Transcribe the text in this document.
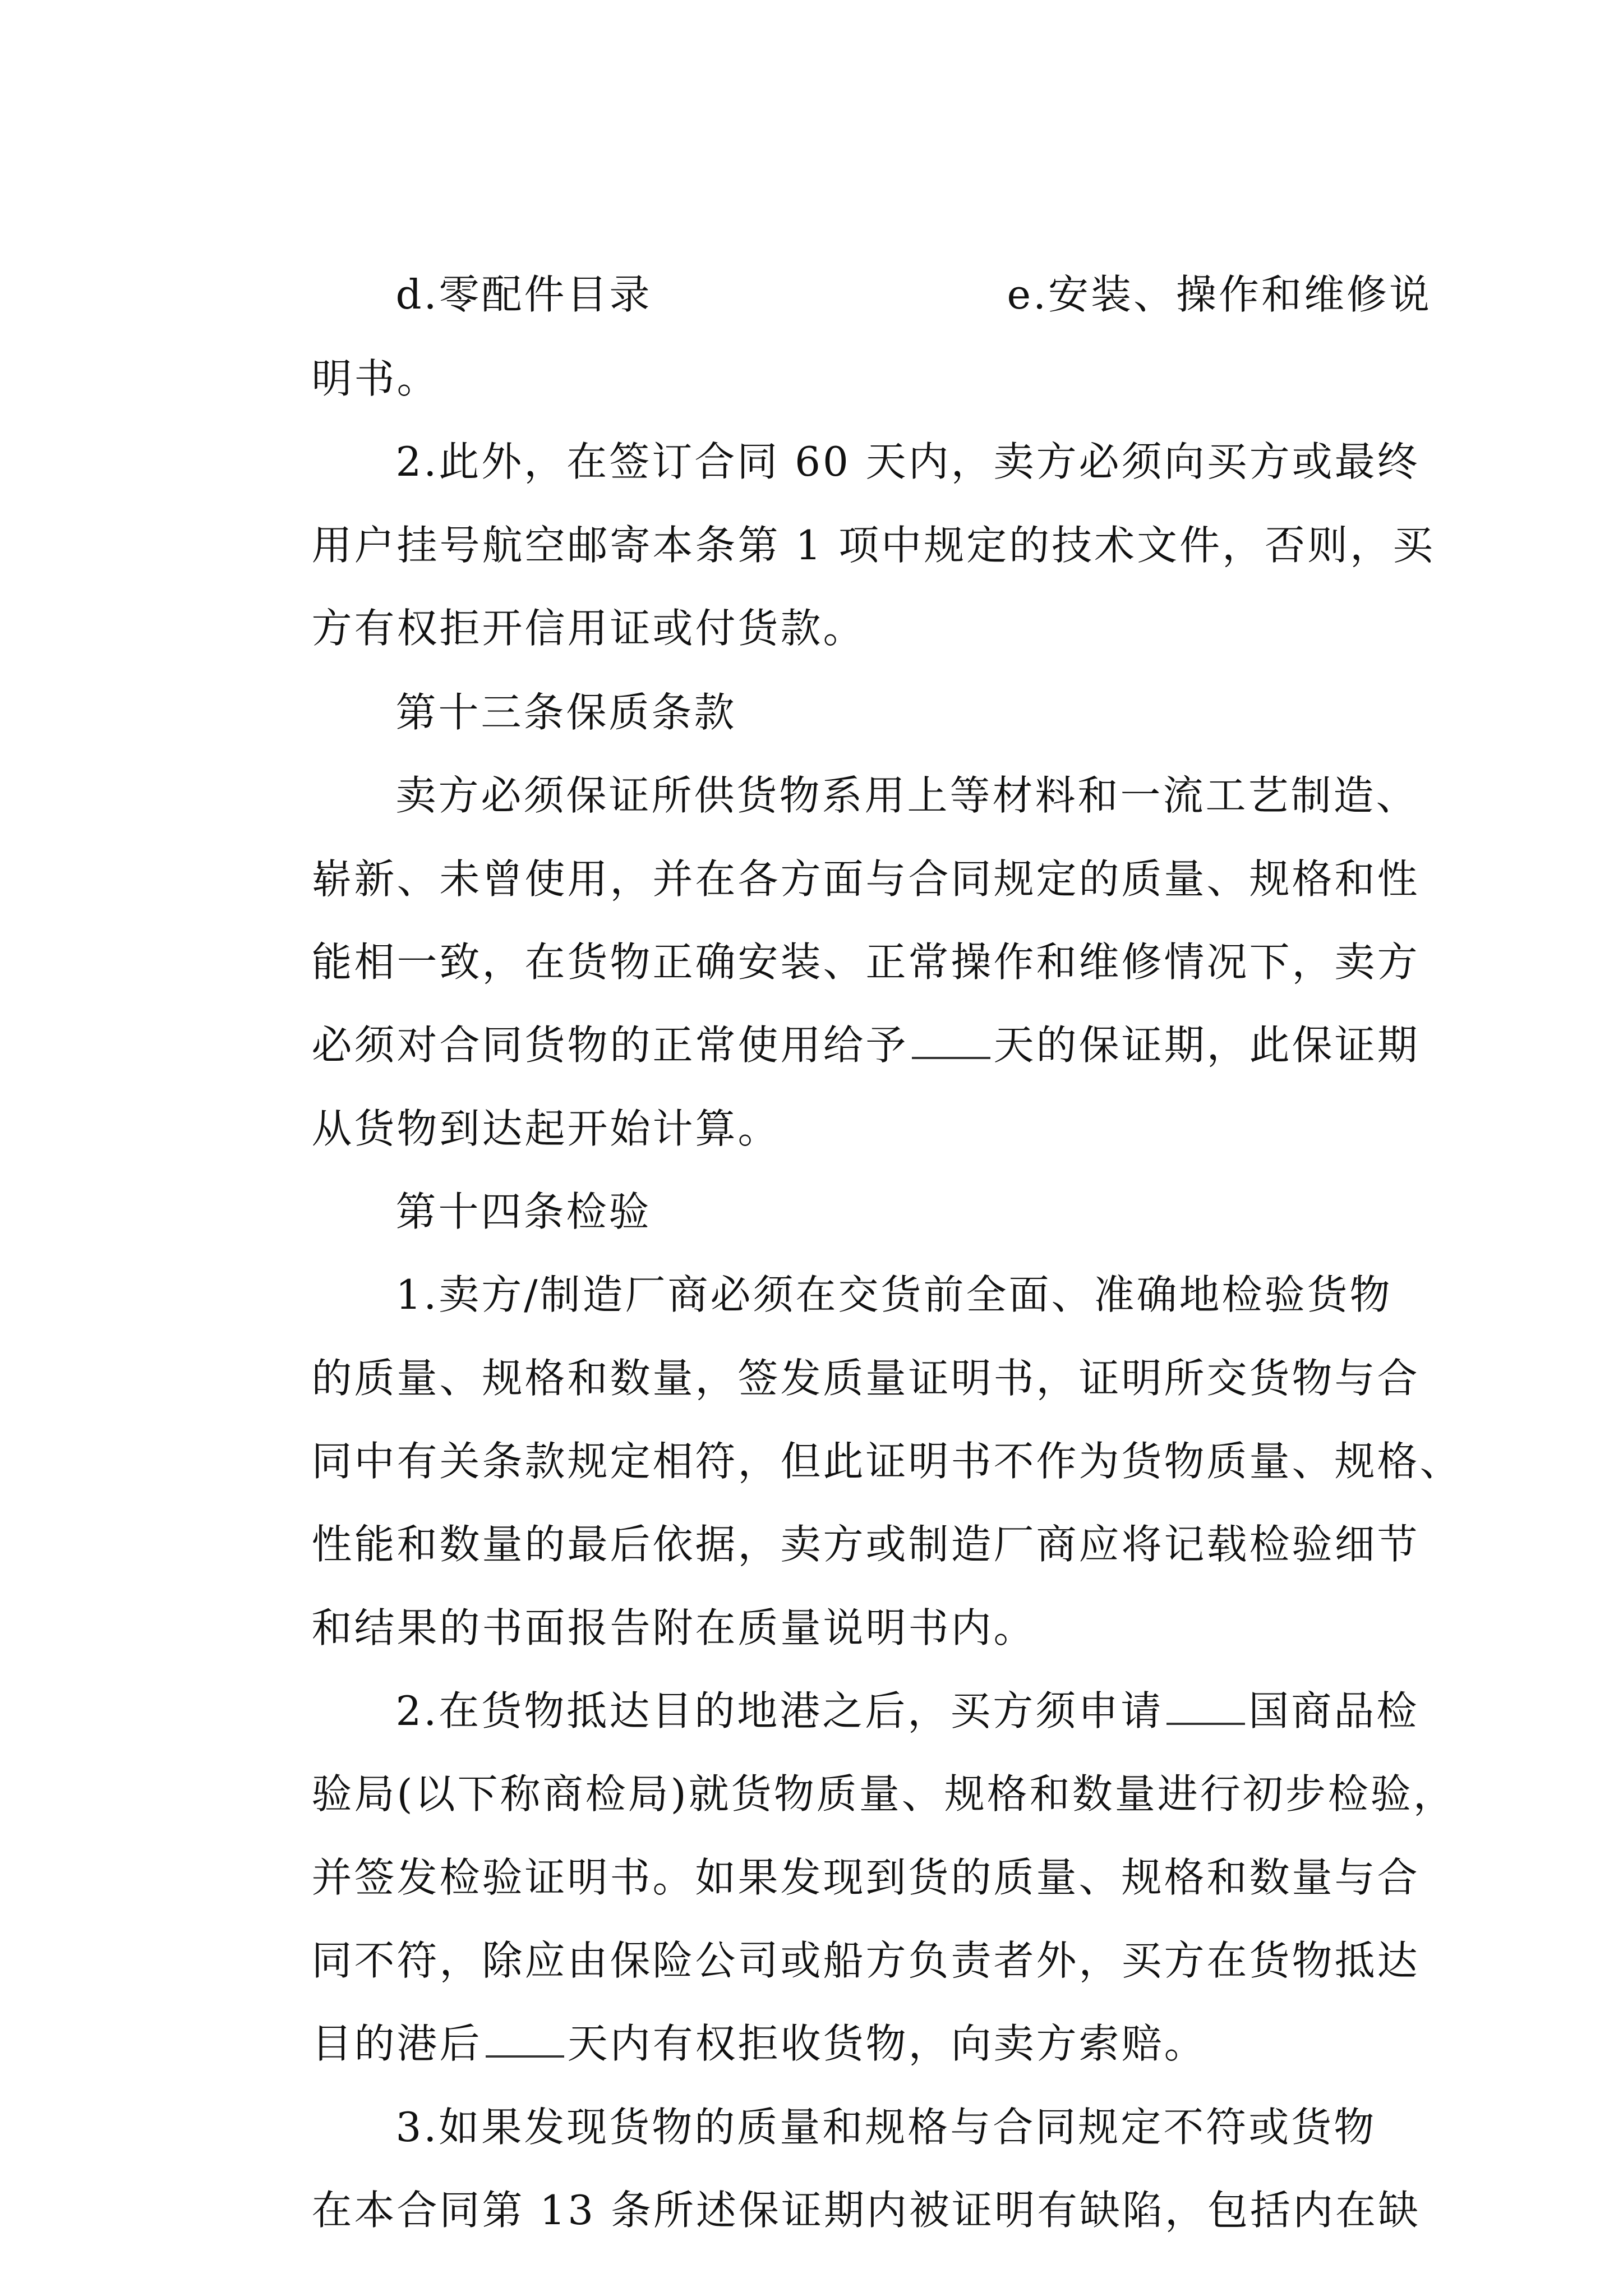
d.零配件目录
	e.安装、操作和维修说

明书。

2.此外，在签订合同 60 天内，卖方必须向买方或最终

用户挂号航空邮寄本条第 1 项中规定的技术文件，否则，买

方有权拒开信用证或付货款。

第十三条保质条款

卖方必须保证所供货物系用上等材料和一流工艺制造、

崭新、未曾使用，并在各方面与合同规定的质量、规格和性

能相一致，在货物正确安装、正常操作和维修情况下，卖方

必须对合同货物的正常使用给予 天的保证期，此保证期

从货物到达起开始计算。

第十四条检验

1.卖方/制造厂商必须在交货前全面、准确地检验货物

的质量、规格和数量，签发质量证明书，证明所交货物与合

同中有关条款规定相符，但此证明书不作为货物质量、规格、

性能和数量的最后依据，卖方或制造厂商应将记载检验细节

和结果的书面报告附在质量说明书内。

2.在货物抵达目的地港之后，买方须申请 国商品检

验局(以下称商检局)就货物质量、规格和数量进行初步检验，

并签发检验证明书。如果发现到货的质量、规格和数量与合

同不符，除应由保险公司或船方负责者外，买方在货物抵达

目的港后 天内有权拒收货物，向卖方索赔。

3.如果发现货物的质量和规格与合同规定不符或货物

在本合同第 13 条所述保证期内被证明有缺陷，包括内在缺
